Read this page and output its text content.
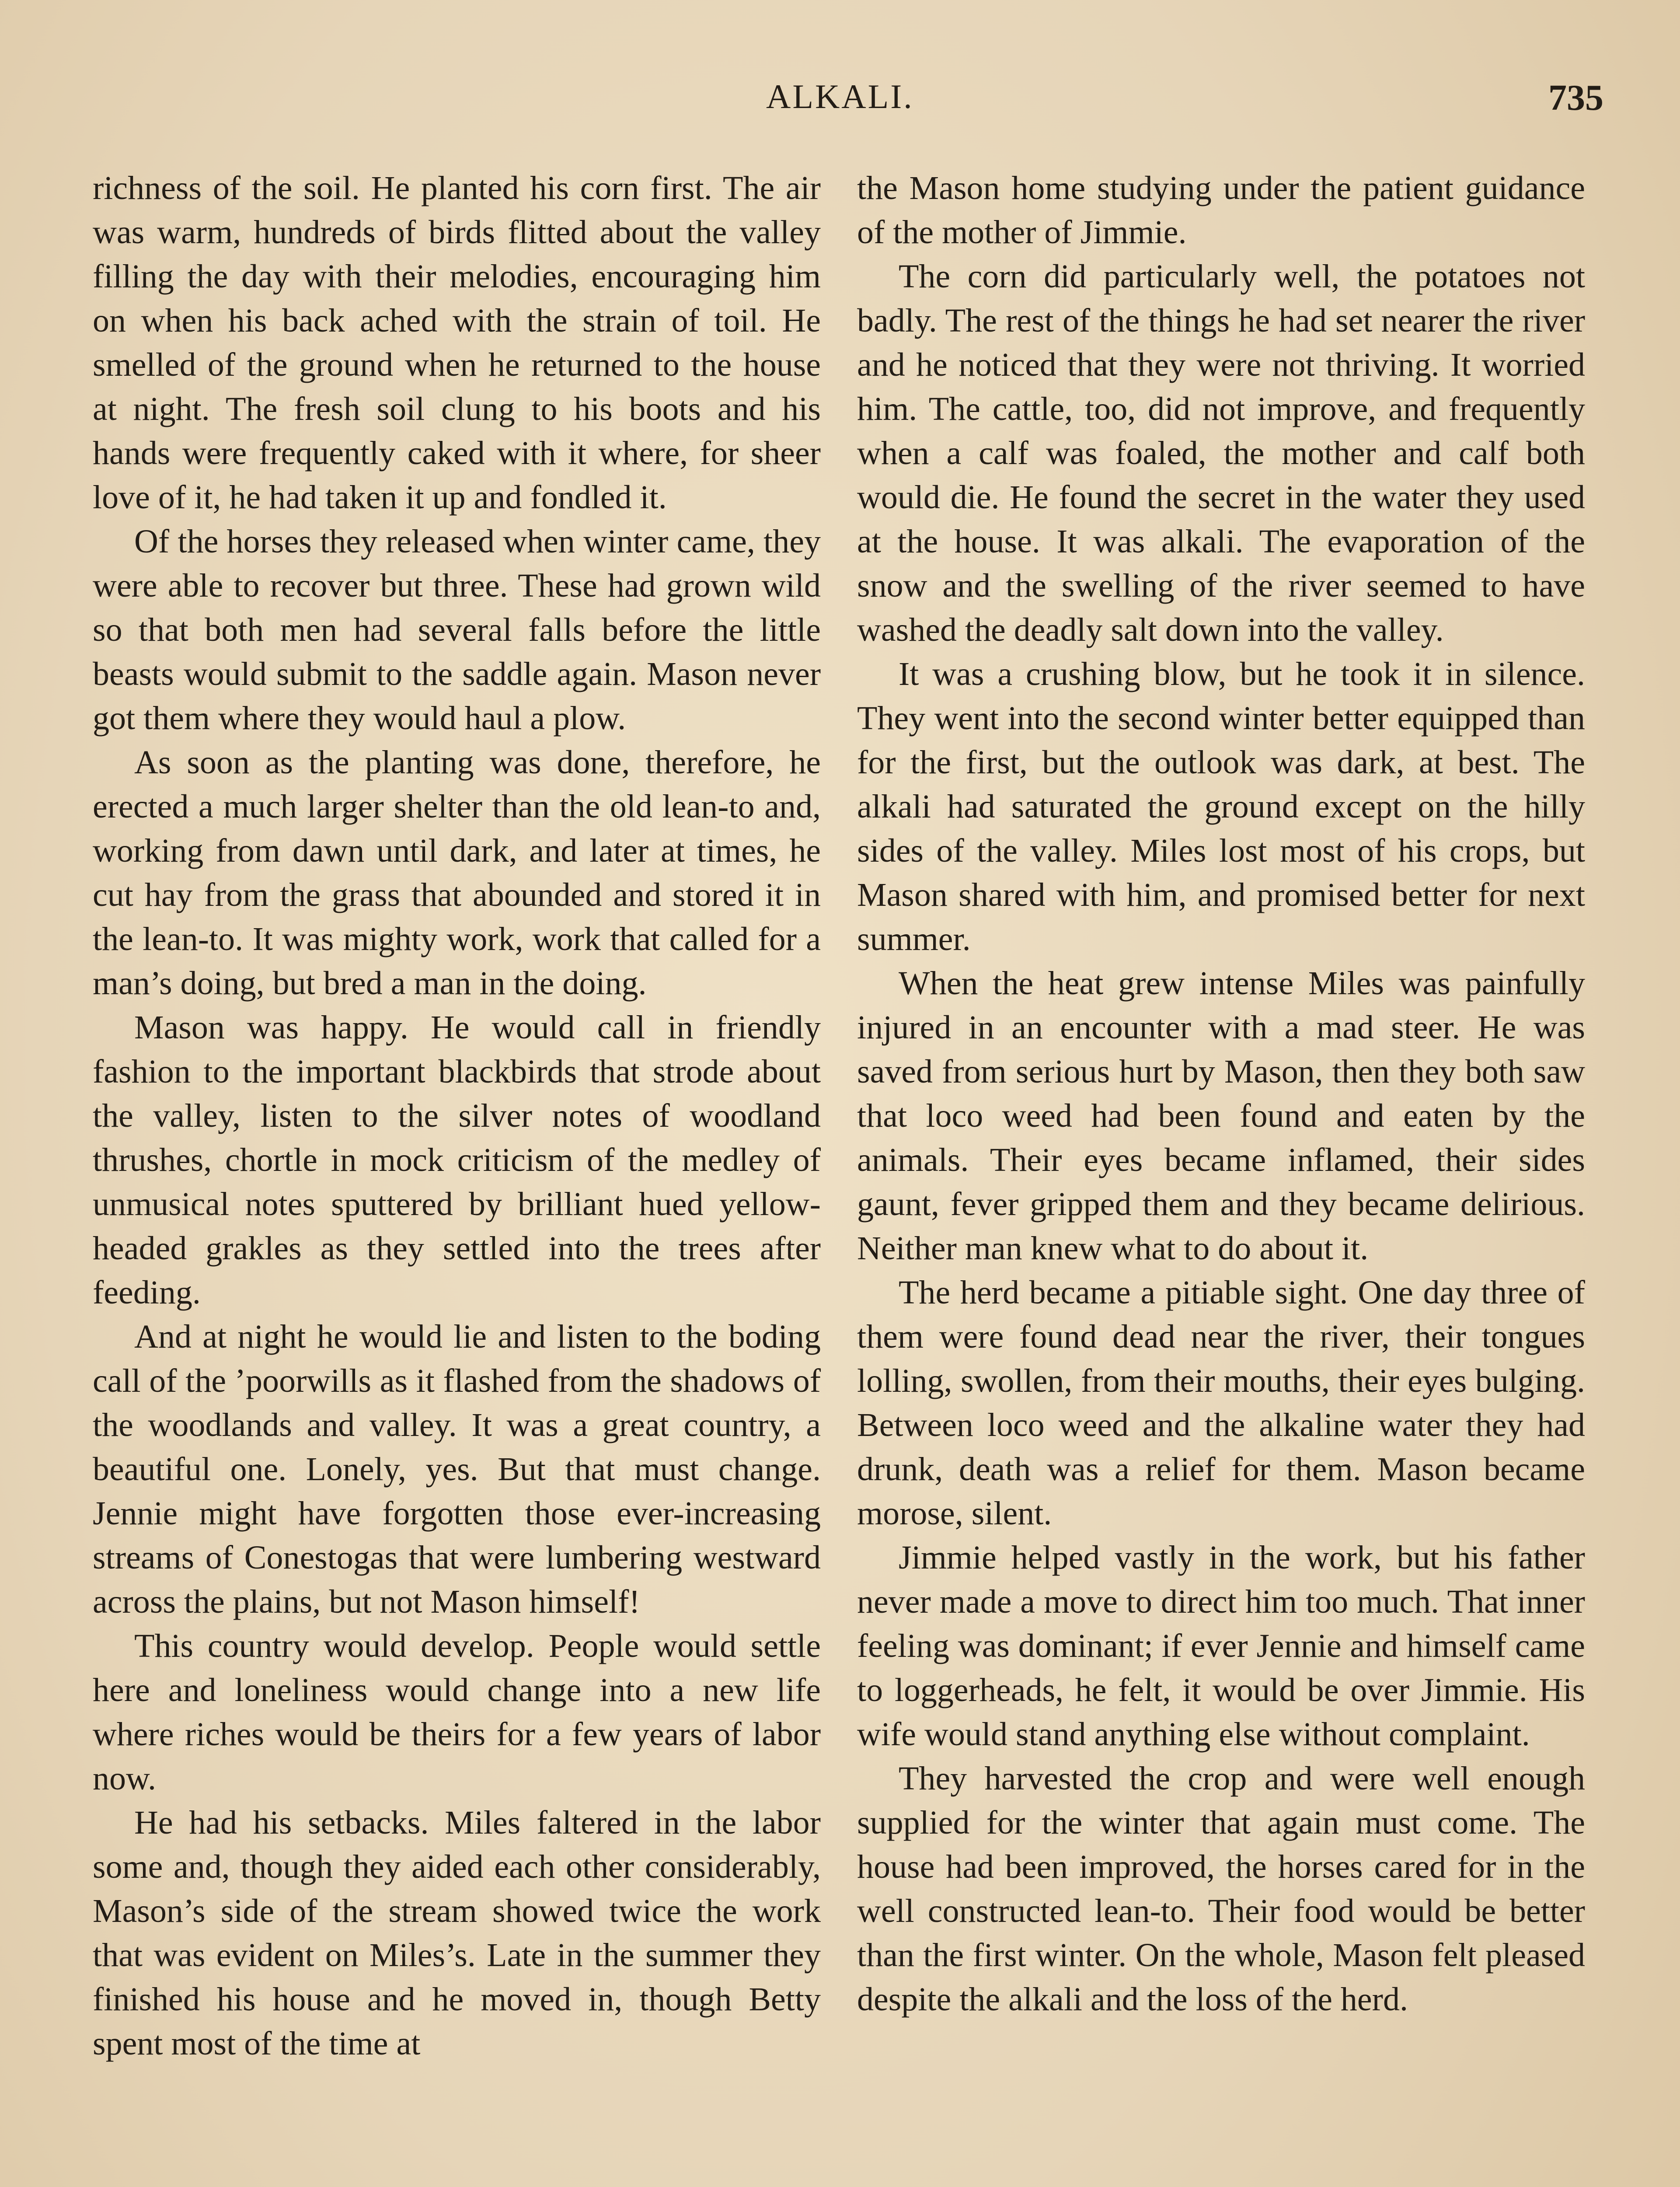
ALKALI.	735

richness of the soil. He planted his corn first. The air was warm, hundreds of birds flitted about the valley filling the day with their melodies, encouraging him on when his back ached with the strain of toil. He smelled of the ground when he returned to the house at night. The fresh soil clung to his boots and his hands were frequently caked with it where, for sheer love of it, he had taken it up and fondled it.

Of the horses they released when winter came, they were able to recover but three. These had grown wild so that both men had several falls before the little beasts would submit to the saddle again. Mason never got them where they would haul a plow.

As soon as the planting was done, therefore, he erected a much larger shelter than the old lean-to and, working from dawn until dark, and later at times, he cut hay from the grass that abounded and stored it in the lean-to. It was mighty work, work that called for a man’s doing, but bred a man in the doing.

Mason was happy. He would call in friendly fashion to the important blackbirds that strode about the valley, listen to the silver notes of woodland thrushes, chortle in mock criticism of the medley of unmusical notes sputtered by brilliant hued yellow-headed grakles as they settled into the trees after feeding.

And at night he would lie and listen to the boding call of the ’poorwills as it flashed from the shadows of the woodlands and valley. It was a great country, a beautiful one. Lonely, yes. But that must change. Jennie might have forgotten those ever-increasing streams of Conestogas that were lumbering westward across the plains, but not Mason himself!

This country would develop. People would settle here and loneliness would change into a new life where riches would be theirs for a few years of labor now.

He had his setbacks. Miles faltered in the labor some and, though they aided each other considerably, Mason’s side of the stream showed twice the work that was evident on Miles’s. Late in the summer they finished his house and he moved in, though Betty spent most of the time at

the Mason home studying under the patient guidance of the mother of Jimmie.

The corn did particularly well, the potatoes not badly. The rest of the things he had set nearer the river and he noticed that they were not thriving. It worried him. The cattle, too, did not improve, and frequently when a calf was foaled, the mother and calf both would die. He found the secret in the water they used at the house. It was alkali. The evaporation of the snow and the swelling of the river seemed to have washed the deadly salt down into the valley.

It was a crushing blow, but he took it in silence. They went into the second winter better equipped than for the first, but the outlook was dark, at best. The alkali had saturated the ground except on the hilly sides of the valley. Miles lost most of his crops, but Mason shared with him, and promised better for next summer.

When the heat grew intense Miles was painfully injured in an encounter with a mad steer. He was saved from serious hurt by Mason, then they both saw that loco weed had been found and eaten by the animals. Their eyes became inflamed, their sides gaunt, fever gripped them and they became delirious. Neither man knew what to do about it.

The herd became a pitiable sight. One day three of them were found dead near the river, their tongues lolling, swollen, from their mouths, their eyes bulging. Between loco weed and the alkaline water they had drunk, death was a relief for them. Mason became morose, silent.

Jimmie helped vastly in the work, but his father never made a move to direct him too much. That inner feeling was dominant; if ever Jennie and himself came to loggerheads, he felt, it would be over Jimmie. His wife would stand anything else without complaint.

They harvested the crop and were well enough supplied for the winter that again must come. The house had been improved, the horses cared for in the well constructed lean-to. Their food would be better than the first winter. On the whole, Mason felt pleased despite the alkali and the loss of the herd.
